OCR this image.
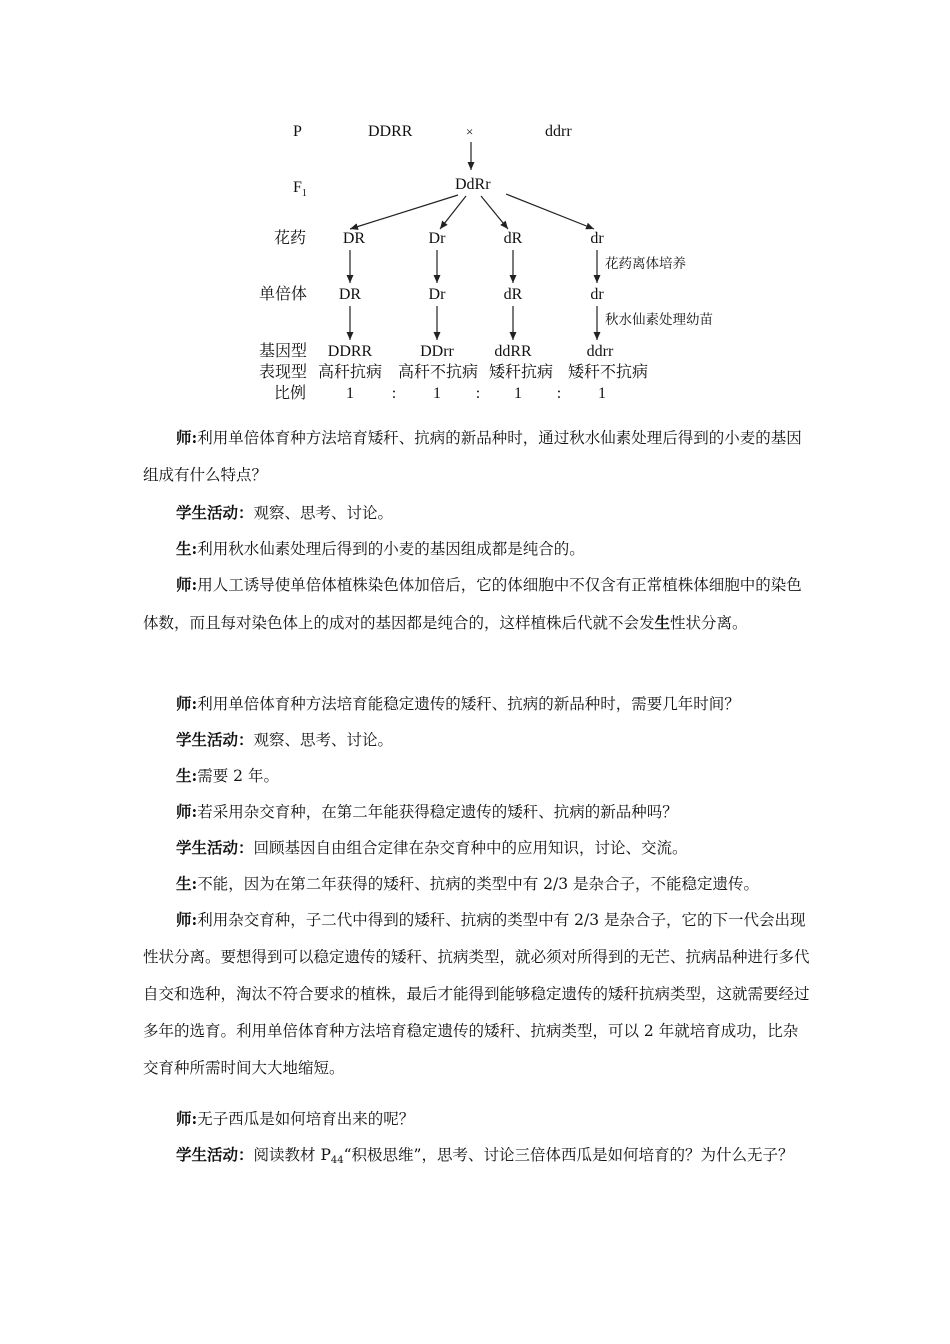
P	DDRR	×	ddrr
$F_1$
DdRr
花药 DR	Dr	dR	dr
花药离体培养
单倍体 DR	Dr	dR	dr
秋水仙素处理幼苗
基因型 DDRR	DDrr	ddRR	ddrr
表现型 高秆抗病 高秆不抗病 矮秆抗病 矮秆不抗病
比例 1 : 1 : 1 : 1

师:利用单倍体育种方法培育矮秆、抗病的新品种时，通过秋水仙素处理后得到的小麦的基因组成有什么特点？

学生活动：观察、思考、讨论。

生:利用秋水仙素处理后得到的小麦的基因组成都是纯合的。

师:用人工诱导使单倍体植株染色体加倍后，它的体细胞中不仅含有正常植株体细胞中的染色体数，而且每对染色体上的成对的基因都是纯合的，这样植株后代就不会发生性状分离。

师:利用单倍体育种方法培育能稳定遗传的矮秆、抗病的新品种时，需要几年时间？

学生活动：观察、思考、讨论。

生:需要 2 年。

师:若采用杂交育种，在第二年能获得稳定遗传的矮秆、抗病的新品种吗？

学生活动：回顾基因自由组合定律在杂交育种中的应用知识，讨论、交流。

生:不能，因为在第二年获得的矮秆、抗病的类型中有 2/3 是杂合子，不能稳定遗传。

师:利用杂交育种，子二代中得到的矮秆、抗病的类型中有 2/3 是杂合子，它的下一代会出现性状分离。要想得到可以稳定遗传的矮秆、抗病类型，就必须对所得到的无芒、抗病品种进行多代自交和选种，淘汰不符合要求的植株，最后才能得到能够稳定遗传的矮秆抗病类型，这就需要经过多年的选育。利用单倍体育种方法培育稳定遗传的矮秆、抗病类型，可以 2 年就培育成功，比杂交育种所需时间大大地缩短。

师:无子西瓜是如何培育出来的呢？

学生活动：阅读教材 P44“积极思维”，思考、讨论三倍体西瓜是如何培育的？为什么无子？
